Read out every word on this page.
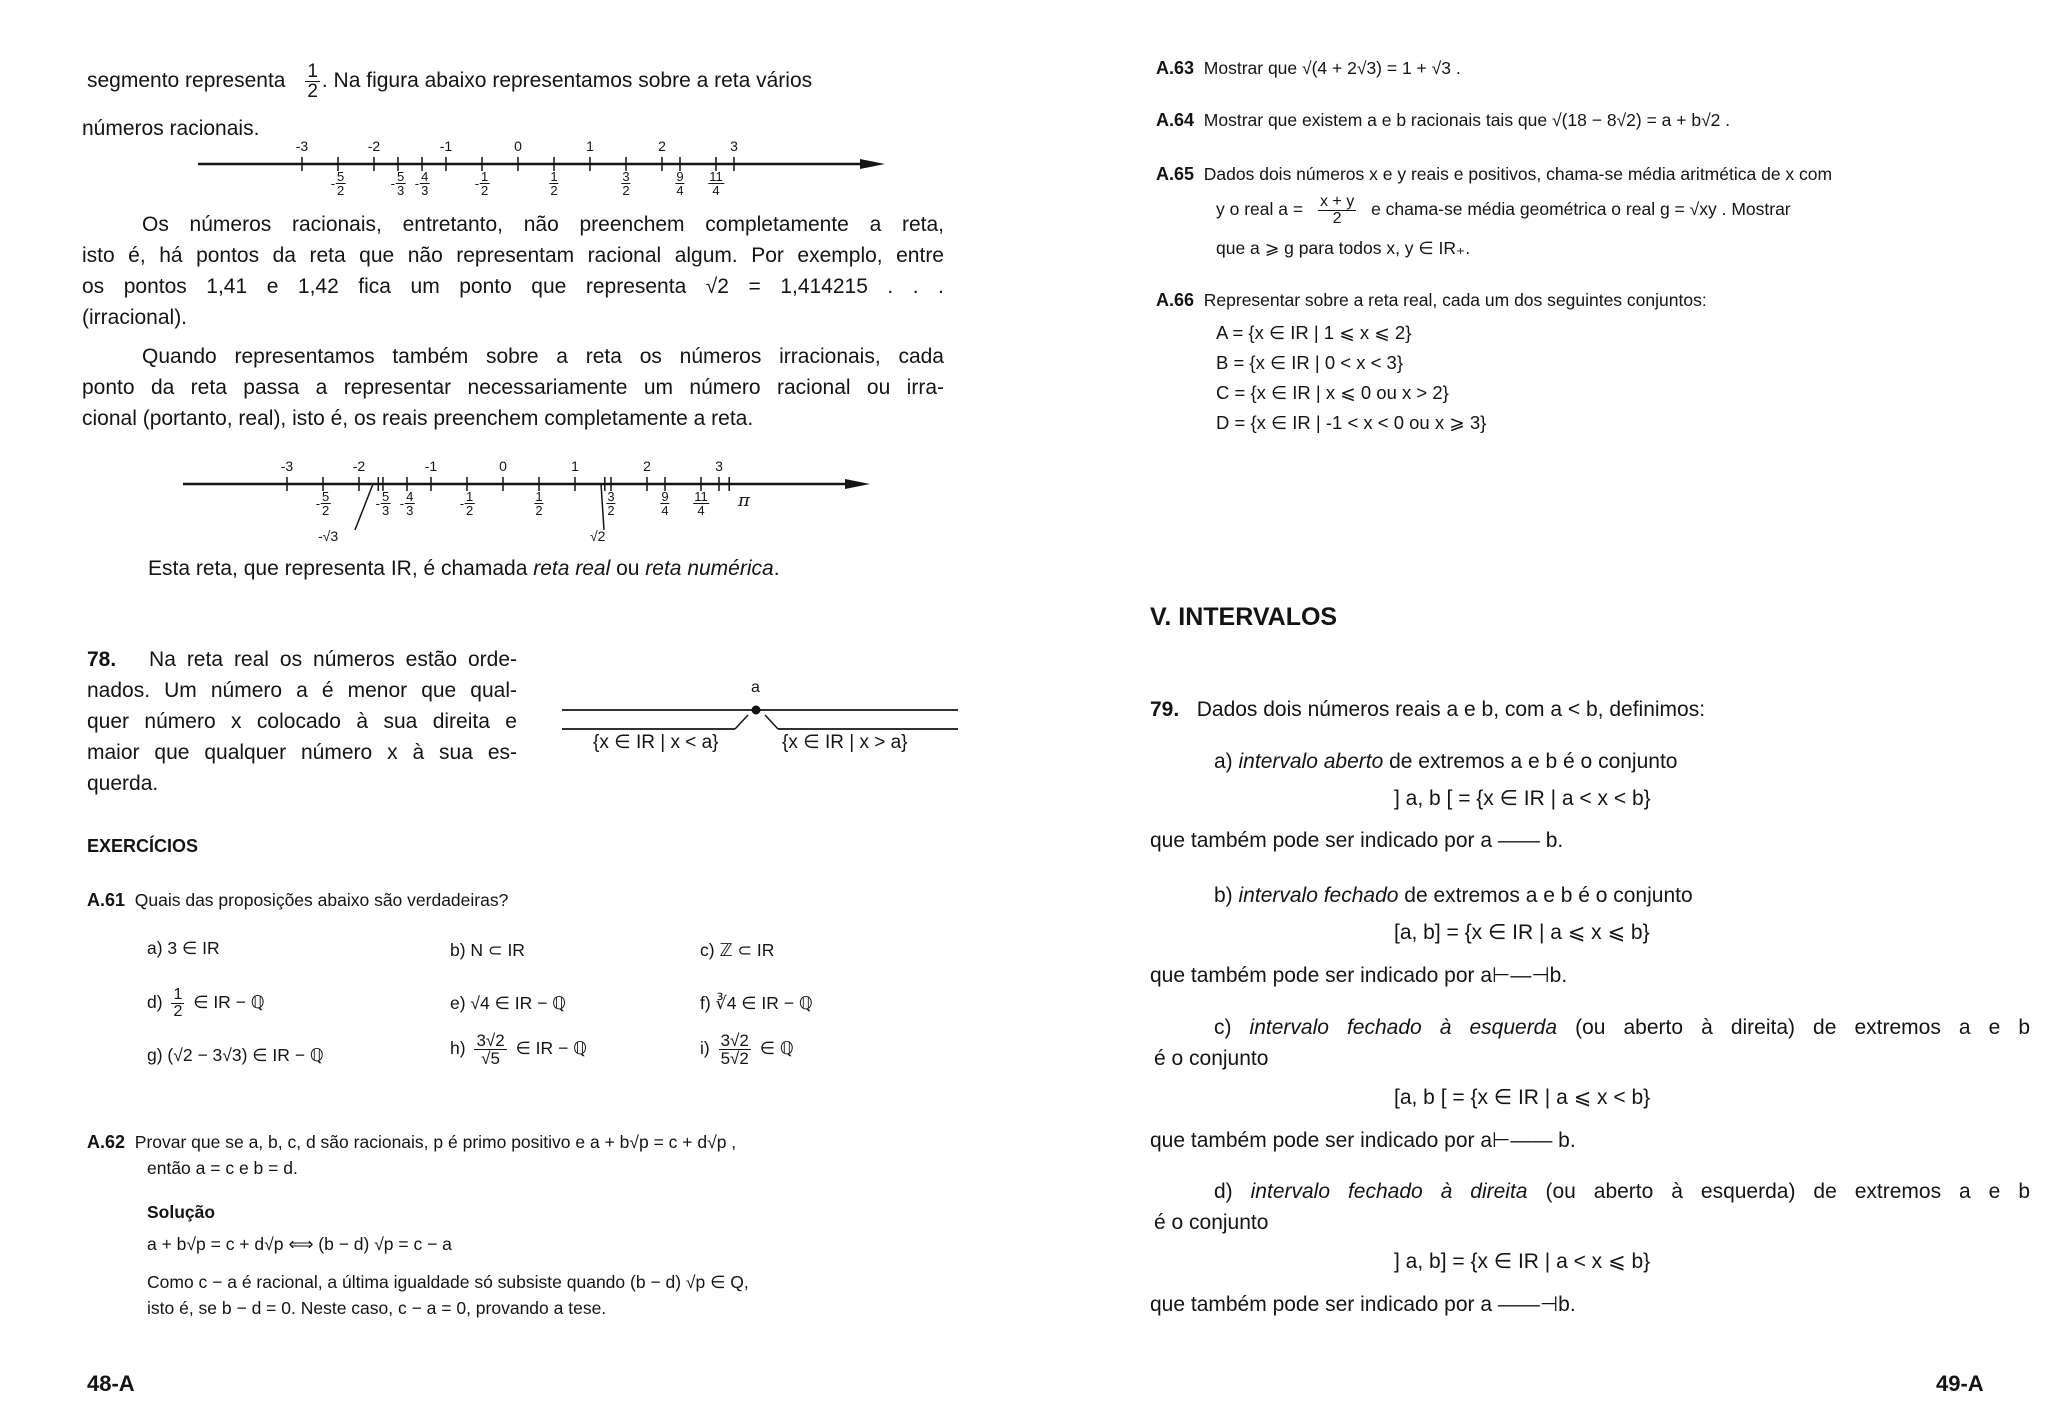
segmento representa $\frac{1}{2}$ . Na figura abaixo representamos sobre a reta vários
números racionais.
-3	-2	-1	0	1	2	3
- 5
2	- 5
3 - 4
3	- 1
2
1
2
3
2
9
4
11
4
Os números racionais, entretanto, não preenchem completamente a reta,
isto é, há pontos da reta que não representam racional algum. Por exemplo, entre
os pontos 1,41 e 1,42 fica um ponto que representa √2 = 1,414215 . . .
(irracional).
Quando representamos também sobre a reta os números irracionais, cada
ponto da reta passa a representar necessariamente um número racional ou irra-
cional (portanto, real), isto é, os reais preenchem completamente a reta.
-3	-2	-1	0	1	2	3
- 5
2	- 5
3 - 4
3	- 1
2
1
2
3
2
9
4
11
4 π
-√3	√2
Esta reta, que representa IR, é chamada reta real ou reta numérica.
78. Na reta real os números estão orde-
nados. Um número a é menor que qual-
quer número x colocado à sua direita e
maior que qualquer número x à sua es-
querda.
a
{x ∈ IR | x < a}	{x ∈ IR | x > a}
EXERCÍCIOS
A.61 Quais das proposições abaixo são verdadeiras?
a) 3 ∈ IR	b) N ⊂ IR	c) ℤ ⊂ IR
$d) \frac{1}{2}$ ∈ IR − ℚ	e) √4 ∈ IR − ℚ	f) ∛4 ∈ IR − ℚ
g) (√2 − 3√3) ∈ IR − ℚ	$h) \frac{3√2}{√5}$ ∈ IR − ℚ	$i) \frac{3√2}{5√2}$ ∈ ℚ
A.62 Provar que se a, b, c, d são racionais, p é primo positivo e a + b√p = c + d√p ,
então a = c e b = d.
Solução
a + b√p = c + d√p ⟺ (b − d) √p = c − a
Como c − a é racional, a última igualdade só subsiste quando (b − d) √p ∈ Q,
isto é, se b − d = 0. Neste caso, c − a = 0, provando a tese.
48-A
A.63 Mostrar que √(4 + 2√3) = 1 + √3 .
A.64 Mostrar que existem a e b racionais tais que √(18 − 8√2) = a + b√2 .
A.65 Dados dois números x e y reais e positivos, chama-se média aritmética de x com
y o real $a = \frac{x + y}{2}$ e chama-se média geométrica o real g = √xy . Mostrar
que a ⩾ g para todos x, y ∈ IR₊.
A.66 Representar sobre a reta real, cada um dos seguintes conjuntos:
A = {x ∈ IR | 1 ⩽ x ⩽ 2}
B = {x ∈ IR | 0 < x < 3}
C = {x ∈ IR | x ⩽ 0 ou x > 2}
D = {x ∈ IR | -1 < x < 0 ou x ⩾ 3}
V. INTERVALOS
79. Dados dois números reais a e b, com a < b, definimos:
a) intervalo aberto de extremos a e b é o conjunto
] a, b [ = {x ∈ IR | a < x < b}
que também pode ser indicado por a —— b.
b) intervalo fechado de extremos a e b é o conjunto
[a, b] = {x ∈ IR | a ⩽ x ⩽ b}
que também pode ser indicado por a⊢—⊣b.
c) intervalo fechado à esquerda (ou aberto à direita) de extremos a e b
é o conjunto
[a, b [ = {x ∈ IR | a ⩽ x < b}
que também pode ser indicado por a⊢—— b.
d) intervalo fechado à direita (ou aberto à esquerda) de extremos a e b
é o conjunto
] a, b] = {x ∈ IR | a < x ⩽ b}
que também pode ser indicado por a ——⊣b.
49-A
